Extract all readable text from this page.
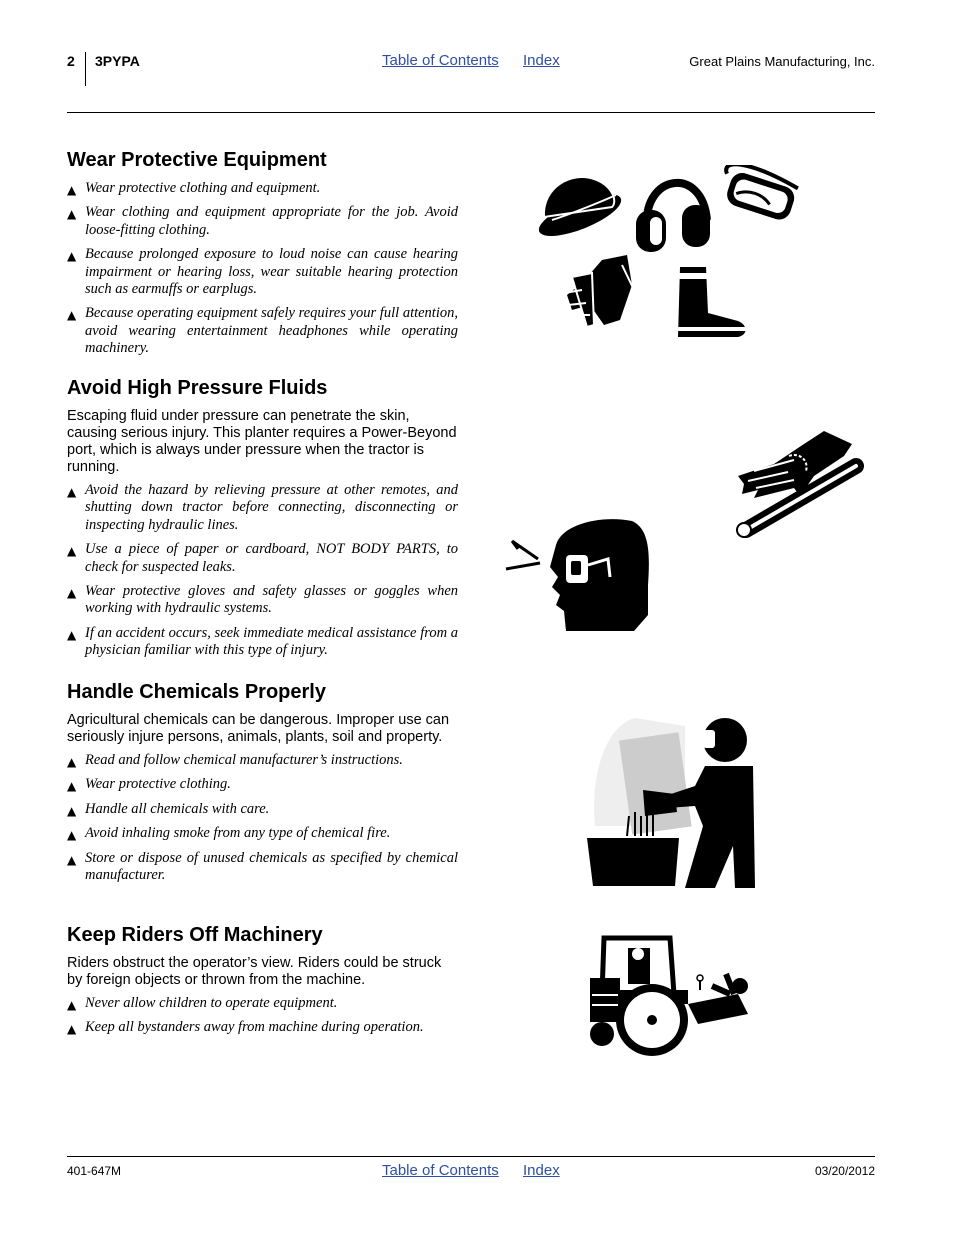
2 3PYPA	Table of Contents Index	Great Plains Manufacturing, Inc.
Wear Protective Equipment
▲ Wear protective clothing and equipment.
▲ Wear clothing and equipment appropriate for the job. Avoid loose-fitting clothing.
▲ Because prolonged exposure to loud noise can cause hearing impairment or hearing loss, wear suitable hearing protection such as earmuffs or earplugs.
▲ Because operating equipment safely requires your full attention, avoid wearing entertainment headphones while operating machinery.
Avoid High Pressure Fluids

Escaping fluid under pressure can penetrate the skin, causing serious injury. This planter requires a Power-Beyond port, which is always under pressure when the tractor is running.

▲ Avoid the hazard by relieving pressure at other remotes, and shutting down tractor before connecting, disconnecting or inspecting hydraulic lines.
▲ Use a piece of paper or cardboard, NOT BODY PARTS, to check for suspected leaks.
▲ Wear protective gloves and safety glasses or goggles when working with hydraulic systems.
▲ If an accident occurs, seek immediate medical assistance from a physician familiar with this type of injury.
Handle Chemicals Properly

Agricultural chemicals can be dangerous. Improper use can seriously injure persons, animals, plants, soil and property.

▲ Read and follow chemical manufacturer’s instructions.
▲ Wear protective clothing.
▲ Handle all chemicals with care.
▲ Avoid inhaling smoke from any type of chemical fire.
▲ Store or dispose of unused chemicals as specified by chemical manufacturer.
Keep Riders Off Machinery

Riders obstruct the operator’s view. Riders could be struck by foreign objects or thrown from the machine.

▲ Never allow children to operate equipment.
▲ Keep all bystanders away from machine during operation.
401-647M	Table of Contents Index	03/20/2012
